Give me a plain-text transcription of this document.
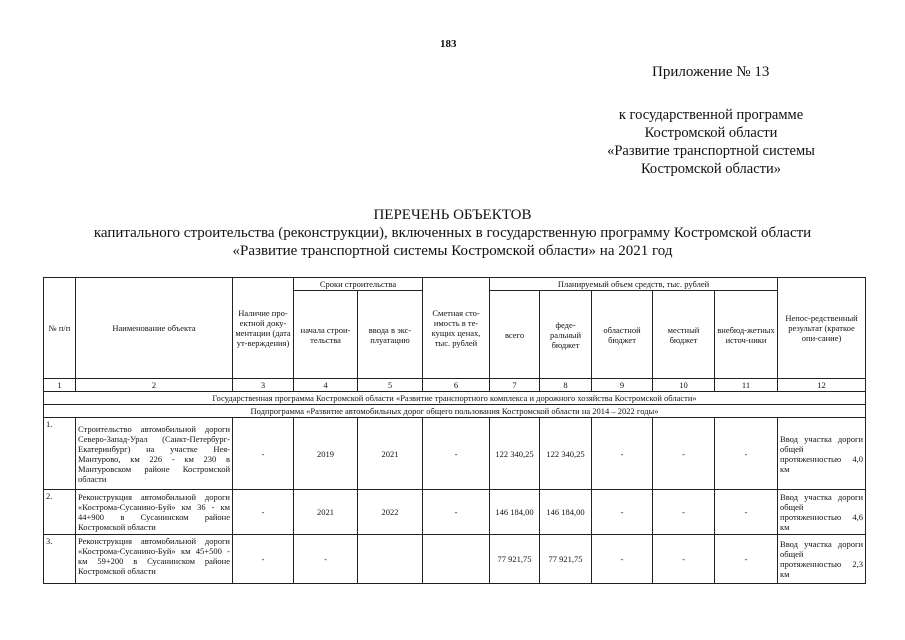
183
Приложение № 13
к государственной программе
Костромской области
«Развитие транспортной системы
Костромской области»
ПЕРЕЧЕНЬ ОБЪЕКТОВ
капитального строительства (реконструкции), включенных в государственную программу Костромской области
«Развитие транспортной системы Костромской области» на 2021 год
№ п/п	Наименование объекта	Наличие про-ектной доку-ментации (дата ут-верждения)	Сроки строительства		Сметная сто-имость в те-кущих ценах, тыс. рублей	Планируемый объем средств, тыс. рублей					Непос-редственный результат (краткое опи-сание)
			начала строи-тельства	ввода в экс-плуатацию		всего	феде-ральный бюджет	областной бюджет	местный бюджет	внебюд-жетных источ-ники	
1	2	3	4	5	6	7	8	9	10	11	12
Государственная программа Костромской области «Развитие транспортного комплекса и дорожного хозяйства Костромской области»											
Подпрограмма «Развитие автомобильных дорог общего пользования Костромской области на 2014 – 2022 годы»											
1.	Строительство автомобильной дороги Северо-Запад-Урал (Санкт-Петербург-Екатеринбург) на участке Нея-Мантурово, км 226 - км 230 в Мантуровском районе Костромской области	-	2019	2021	-	122 340,25	122 340,25	-	-	-	Ввод участка дороги общей протяженностью 4,0 км
2.	Реконструкция автомобильной дороги «Кострома-Сусанино-Буй» км 36 - км 44+900 в Сусанинском районе Костромской области	-	2021	2022	-	146 184,00	146 184,00	-	-	-	Ввод участка дороги общей протяженностью 4,6 км
3.	Реконструкция автомобильной дороги «Кострома-Сусанино-Буй» км 45+500 - км 59+200 в Сусанинском районе Костромской области	-	-			77 921,75	77 921,75	-	-	-	Ввод участка дороги общей протяженностью 2,3 км
